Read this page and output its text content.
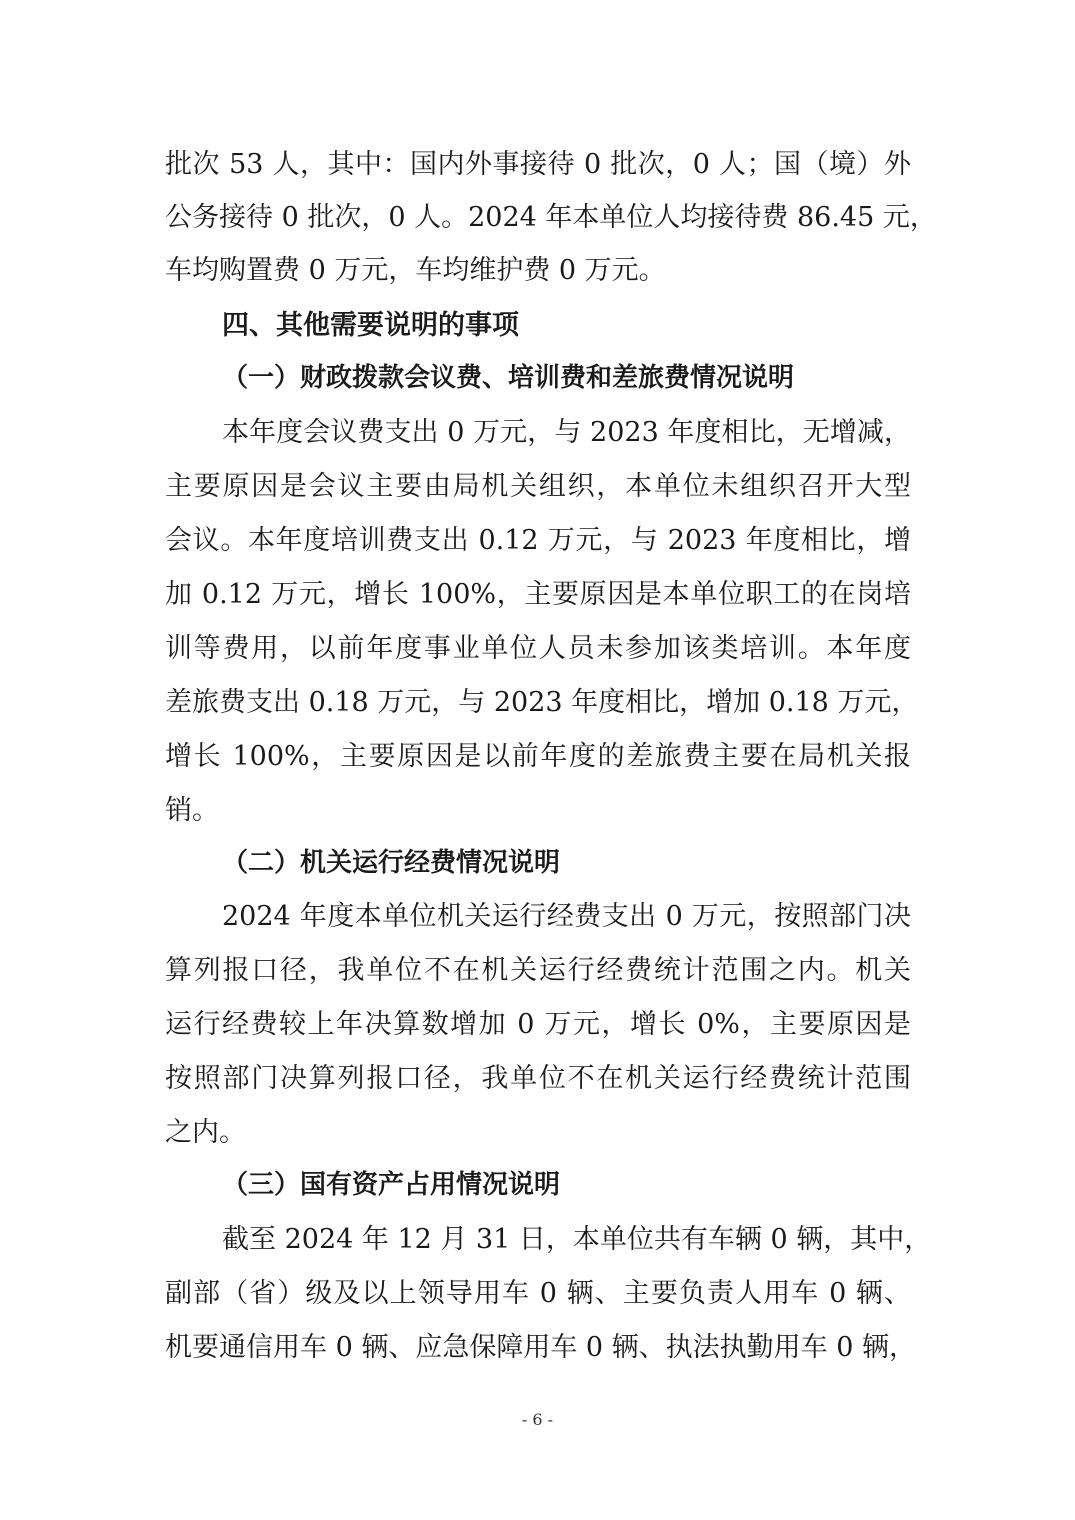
批次 53 人，其中：国内外事接待 0 批次，0 人；国（境）外
公务接待 0 批次，0 人。2024 年本单位人均接待费 86.45 元，
车均购置费 0 万元，车均维护费 0 万元。
四、其他需要说明的事项
（一）财政拨款会议费、培训费和差旅费情况说明
本年度会议费支出 0 万元，与 2023 年度相比，无增减，
主要原因是会议主要由局机关组织，本单位未组织召开大型
会议。本年度培训费支出 0.12 万元，与 2023 年度相比，增
加 0.12 万元，增长 100%，主要原因是本单位职工的在岗培
训等费用，以前年度事业单位人员未参加该类培训。本年度
差旅费支出 0.18 万元，与 2023 年度相比，增加 0.18 万元，
增长 100%，主要原因是以前年度的差旅费主要在局机关报
销。
（二）机关运行经费情况说明
2024 年度本单位机关运行经费支出 0 万元，按照部门决
算列报口径，我单位不在机关运行经费统计范围之内。机关
运行经费较上年决算数增加 0 万元，增长 0%，主要原因是
按照部门决算列报口径，我单位不在机关运行经费统计范围
之内。
（三）国有资产占用情况说明
截至 2024 年 12 月 31 日，本单位共有车辆 0 辆，其中，
副部（省）级及以上领导用车 0 辆、主要负责人用车 0 辆、
机要通信用车 0 辆、应急保障用车 0 辆、执法执勤用车 0 辆，
- 6 -
